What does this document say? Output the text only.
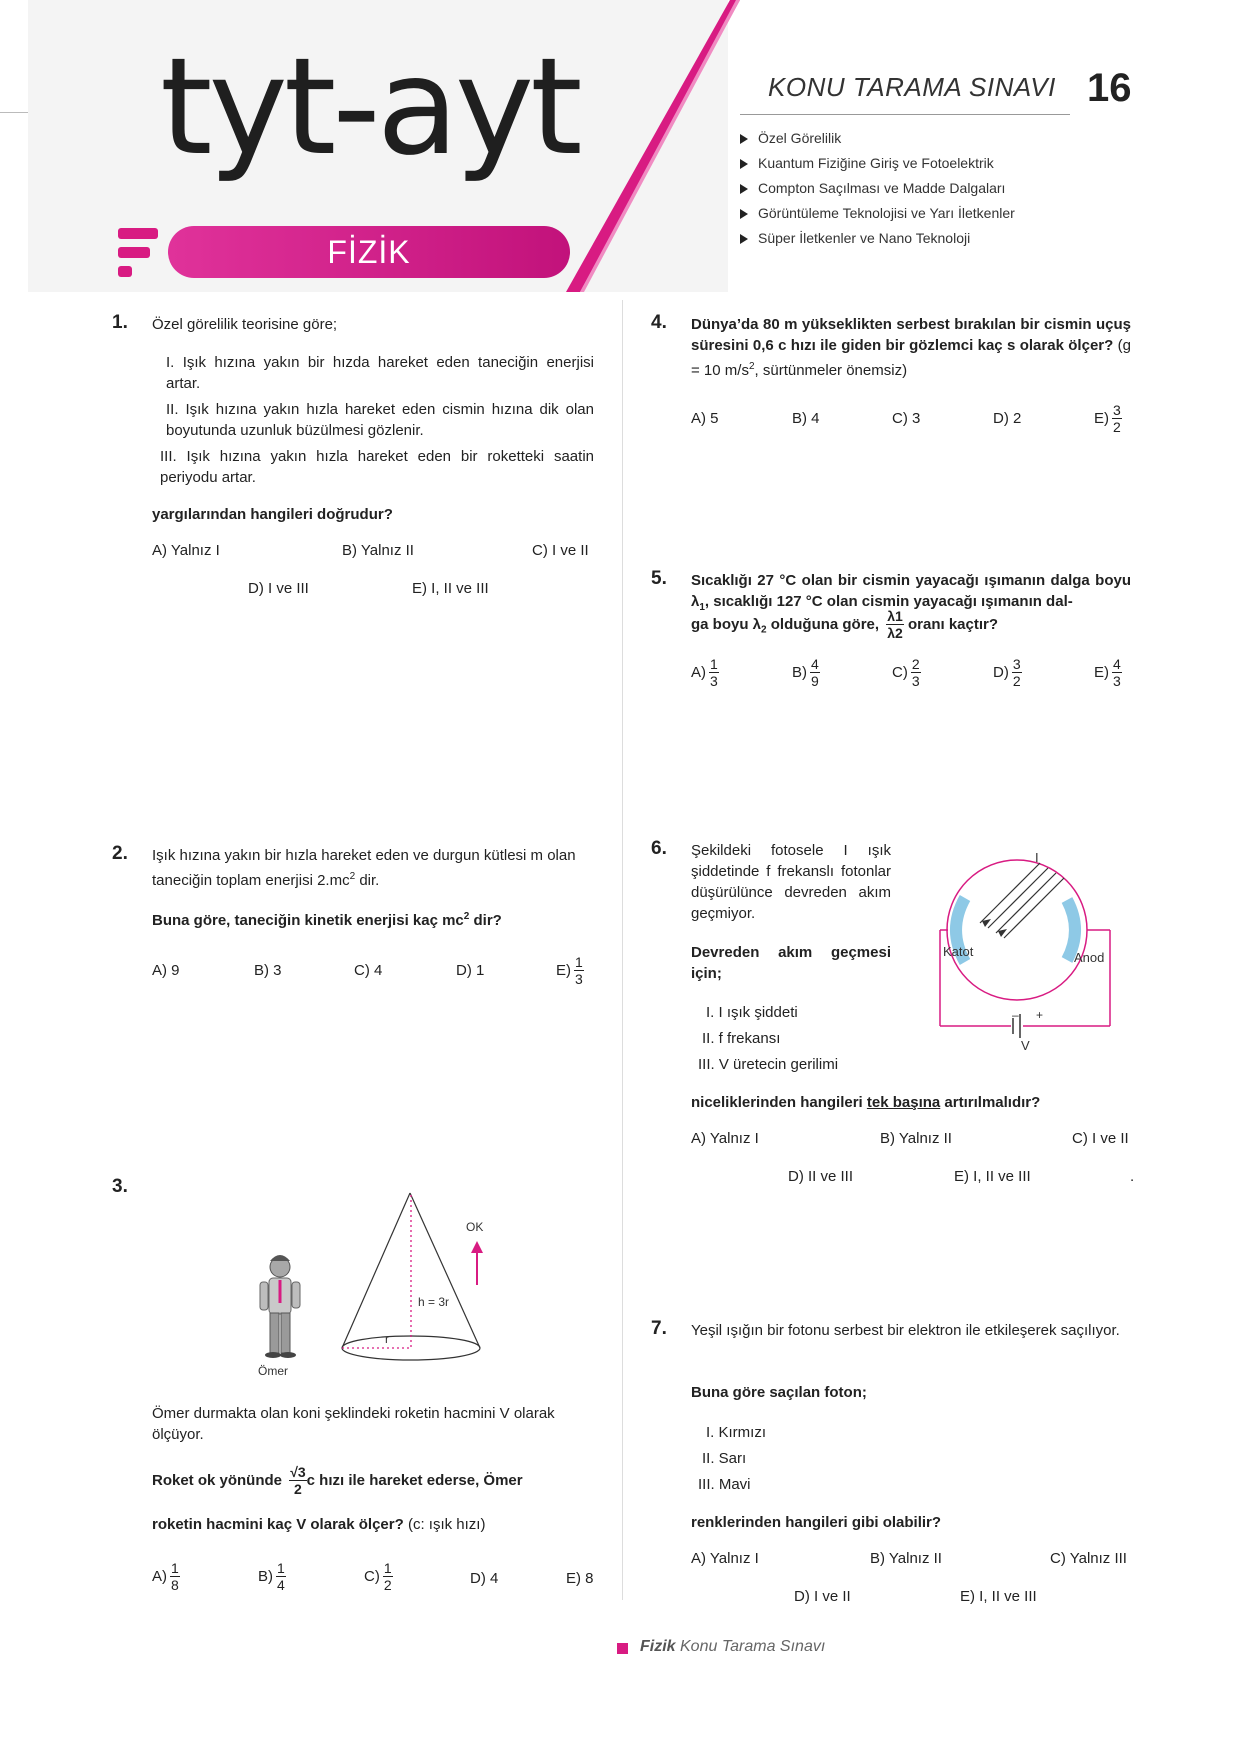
tyt-ayt
FİZİK
KONU TARAMA SINAVI 16
Özel Görelilik
Kuantum Fiziğine Giriş ve Fotoelektrik
Compton Saçılması ve Madde Dalgaları
Görüntüleme Teknolojisi ve Yarı İletkenler
Süper İletkenler ve Nano Teknoloji
1. Özel görelilik teorisine göre;
I. Işık hızına yakın bir hızda hareket eden taneciğin enerjisi artar.
II. Işık hızına yakın hızla hareket eden cismin hızına dik olan boyutunda uzunluk büzülmesi gözlenir.
III. Işık hızına yakın hızla hareket eden bir roketteki saatin periyodu artar.
yargılarından hangileri doğrudur?
A) Yalnız I	B) Yalnız II	C) I ve II
D) I ve III	E) I, II ve III
2. Işık hızına yakın bir hızla hareket eden ve durgun kütlesi m olan taneciğin toplam enerjisi $2.mc^2$ dir.
Buna göre, taneciğin kinetik enerjisi kaç $mc^2$ dir?
A) 9	B) 3	C) 4	D) 1	$E) \frac{1}{3}$
3.
Ömer
h = 3r
r
OK
Ömer durmakta olan koni şeklindeki roketin hacmini V olarak ölçüyor.
Roket ok yönünde $\frac{√3}{2}$ c hızı ile hareket ederse, Ömer
roketin hacmini kaç V olarak ölçer? (c: ışık hızı)
$A) \frac{1}{8}$	$B) \frac{1}{4}$	$C) \frac{1}{2}$	D) 4	E) 8
4. Dünya’da 80 m yükseklikten serbest bırakılan bir cismin uçuş süresini 0,6 c hızı ile giden bir gözlemci kaç s olarak ölçer? (g = 10 $m/s^2$, sürtünmeler önemsiz)
A) 5	B) 4	C) 3	D) 2	$E) \frac{3}{2}$
5. Sıcaklığı 27 °C olan bir cismin yayacağı ışımanın dalga boyu $\lambda_1$, sıcaklığı 127 °C olan cismin yayacağı ışımanın dal-
ga boyu $\lambda_2$ olduğuna göre, $\frac{\lambda 1}{\lambda 2}$ oranı kaçtır?
$A) \frac{1}{3}$	$B) \frac{4}{9}$	$C) \frac{2}{3}$	$D) \frac{3}{2}$	$E) \frac{4}{3}$
6. Şekildeki fotosele I ışık şiddetinde f frekanslı fotonlar düşürülünce devreden akım geçmiyor.
Devreden akım geçmesi için;
I. I ışık şiddeti
II. f frekansı
III. V üretecin gerilimi
I
Katot	Anod
– +
V
niceliklerinden hangileri tek başına artırılmalıdır?
A) Yalnız I	B) Yalnız II	C) I ve II
D) II ve III	E) I, II ve III	.
7. Yeşil ışığın bir fotonu serbest bir elektron ile etkileşerek saçılıyor.
Buna göre saçılan foton;
I. Kırmızı
II. Sarı
III. Mavi
renklerinden hangileri gibi olabilir?
A) Yalnız I	B) Yalnız II	C) Yalnız III
D) I ve II	E) I, II ve III
Fizik Konu Tarama Sınavı
